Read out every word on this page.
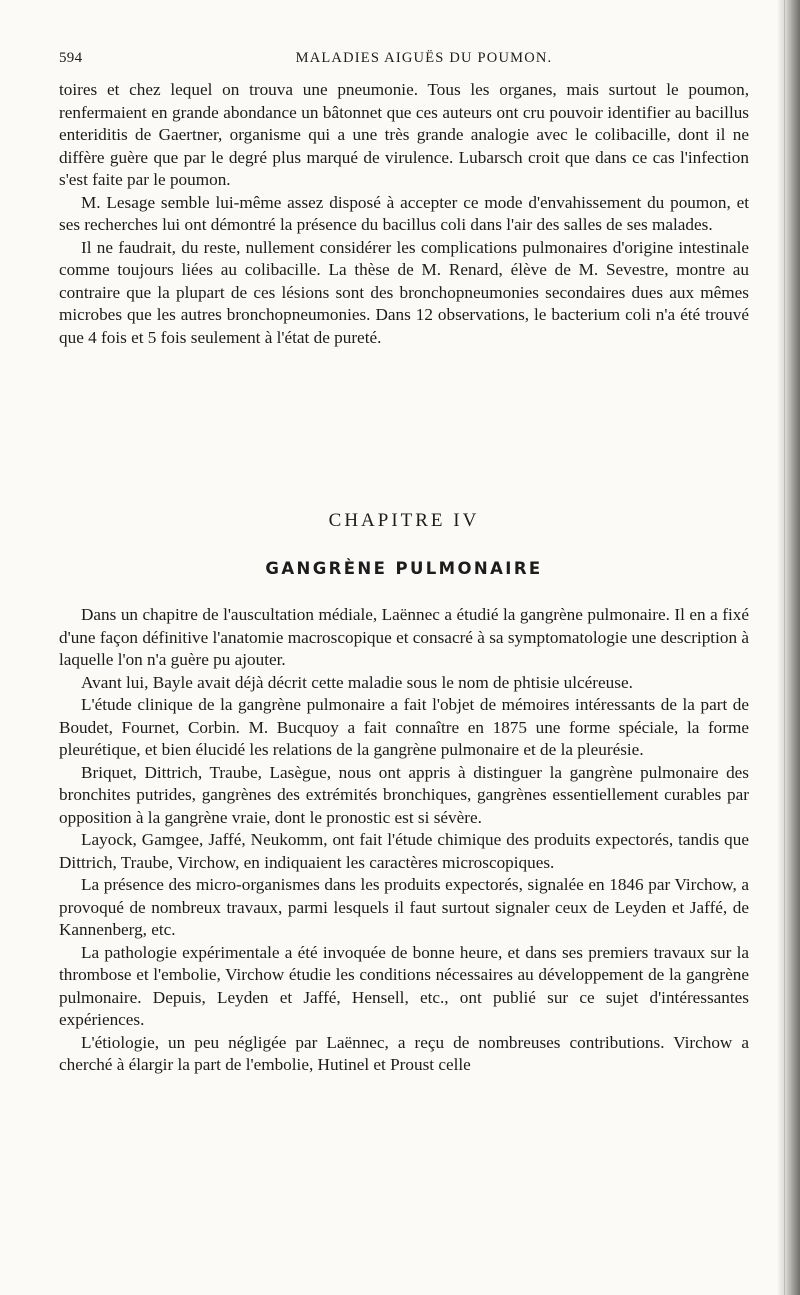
594	MALADIES AIGUËS DU POUMON.

toires et chez lequel on trouva une pneumonie. Tous les organes, mais surtout le poumon, renfermaient en grande abondance un bâtonnet que ces auteurs ont cru pouvoir identifier au bacillus enteriditis de Gaertner, organisme qui a une très grande analogie avec le colibacille, dont il ne diffère guère que par le degré plus marqué de virulence. Lubarsch croit que dans ce cas l'infection s'est faite par le poumon.

M. Lesage semble lui-même assez disposé à accepter ce mode d'envahissement du poumon, et ses recherches lui ont démontré la présence du bacillus coli dans l'air des salles de ses malades.

Il ne faudrait, du reste, nullement considérer les complications pulmonaires d'origine intestinale comme toujours liées au colibacille. La thèse de M. Renard, élève de M. Sevestre, montre au contraire que la plupart de ces lésions sont des bronchopneumonies secondaires dues aux mêmes microbes que les autres bronchopneumonies. Dans 12 observations, le bacterium coli n'a été trouvé que 4 fois et 5 fois seulement à l'état de pureté.

CHAPITRE IV
GANGRÈNE PULMONAIRE

Dans un chapitre de l'auscultation médiale, Laënnec a étudié la gangrène pulmonaire. Il en a fixé d'une façon définitive l'anatomie macroscopique et consacré à sa symptomatologie une description à laquelle l'on n'a guère pu ajouter.

Avant lui, Bayle avait déjà décrit cette maladie sous le nom de phtisie ulcéreuse.

L'étude clinique de la gangrène pulmonaire a fait l'objet de mémoires intéressants de la part de Boudet, Fournet, Corbin. M. Bucquoy a fait connaître en 1875 une forme spéciale, la forme pleurétique, et bien élucidé les relations de la gangrène pulmonaire et de la pleurésie.

Briquet, Dittrich, Traube, Lasègue, nous ont appris à distinguer la gangrène pulmonaire des bronchites putrides, gangrènes des extrémités bronchiques, gangrènes essentiellement curables par opposition à la gangrène vraie, dont le pronostic est si sévère.

Layock, Gamgee, Jaffé, Neukomm, ont fait l'étude chimique des produits expectorés, tandis que Dittrich, Traube, Virchow, en indiquaient les caractères microscopiques.

La présence des micro-organismes dans les produits expectorés, signalée en 1846 par Virchow, a provoqué de nombreux travaux, parmi lesquels il faut surtout signaler ceux de Leyden et Jaffé, de Kannenberg, etc.

La pathologie expérimentale a été invoquée de bonne heure, et dans ses premiers travaux sur la thrombose et l'embolie, Virchow étudie les conditions nécessaires au développement de la gangrène pulmonaire. Depuis, Leyden et Jaffé, Hensell, etc., ont publié sur ce sujet d'intéressantes expériences.

L'étiologie, un peu négligée par Laënnec, a reçu de nombreuses contributions. Virchow a cherché à élargir la part de l'embolie, Hutinel et Proust celle
